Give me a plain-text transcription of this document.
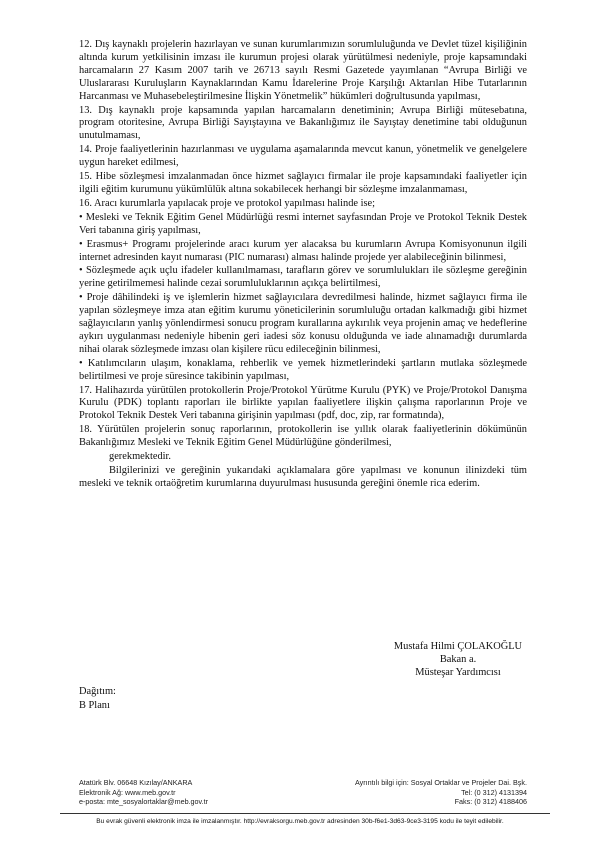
12. Dış kaynaklı projelerin hazırlayan ve sunan kurumlarımızın sorumluluğunda ve Devlet tüzel kişiliğinin altında kurum yetkilisinin imzası ile kurumun projesi olarak yürütülmesi nedeniyle, proje kapsamındaki harcamaların 27 Kasım 2007 tarih ve 26713 sayılı Resmi Gazetede yayımlanan “Avrupa Birliği ve Uluslararası Kuruluşların Kaynaklarından Kamu İdarelerine Proje Karşılığı Aktarılan Hibe Tutarlarının Harcanması ve Muhasebeleştirilmesine İlişkin Yönetmelik” hükümleri doğrultusunda yapılması,

13. Dış kaynaklı proje kapsamında yapılan harcamaların denetiminin; Avrupa Birliği mütesebatına, program otoritesine, Avrupa Birliği Sayıştayına ve Bakanlığımız ile Sayıştay denetimine tabi olduğunun unutulmaması,

14. Proje faaliyetlerinin hazırlanması ve uygulama aşamalarında mevcut kanun, yönetmelik ve genelgelere uygun hareket edilmesi,

15. Hibe sözleşmesi imzalanmadan önce hizmet sağlayıcı firmalar ile proje kapsamındaki faaliyetler için ilgili eğitim kurumunu yükümlülük altına sokabilecek herhangi bir sözleşme imzalanmaması,

16. Aracı kurumlarla yapılacak proje ve protokol yapılması halinde ise;

• Mesleki ve Teknik Eğitim Genel Müdürlüğü resmi internet sayfasından Proje ve Protokol Teknik Destek Veri tabanına giriş yapılması,

• Erasmus+ Programı projelerinde aracı kurum yer alacaksa bu kurumların Avrupa Komisyonunun ilgili internet adresinden kayıt numarası (PIC numarası) alması halinde projede yer alabileceğinin bilinmesi,

• Sözleşmede açık uçlu ifadeler kullanılmaması, tarafların görev ve sorumlulukları ile sözleşme gereğinin yerine getirilmemesi halinde cezai sorumluluklarının açıkça belirtilmesi,

• Proje dâhilindeki iş ve işlemlerin hizmet sağlayıcılara devredilmesi halinde, hizmet sağlayıcı firma ile yapılan sözleşmeye imza atan eğitim kurumu yöneticilerinin sorumluluğu ortadan kalkmadığı gibi hizmet sağlayıcıların yanlış yönlendirmesi sonucu program kurallarına aykırılık veya projenin amaç ve hedeflerine aykırı uygulanması nedeniyle hibenin geri iadesi söz konusu olduğunda ve iade alınamadığı durumlarda nihai olarak sözleşmede imzası olan kişilere rücu edileceğinin bilinmesi,

• Katılımcıların ulaşım, konaklama, rehberlik ve yemek hizmetlerindeki şartların mutlaka sözleşmede belirtilmesi ve proje süresince takibinin yapılması,

17. Halihazırda yürütülen protokollerin Proje/Protokol Yürütme Kurulu (PYK) ve Proje/Protokol Danışma Kurulu (PDK) toplantı raporları ile birlikte yapılan faaliyetlere ilişkin çalışma raporlarının Proje ve Protokol Teknik Destek Veri tabanına girişinin yapılması (pdf, doc, zip, rar formatında),

18. Yürütülen projelerin sonuç raporlarının, protokollerin ise yıllık olarak faaliyetlerinin dökümünün Bakanlığımız Mesleki ve Teknik Eğitim Genel Müdürlüğüne gönderilmesi,

gerekmektedir.

Bilgilerinizi ve gereğinin yukarıdaki açıklamalara göre yapılması ve konunun ilinizdeki tüm mesleki ve teknik ortaöğretim kurumlarına duyurulması hususunda gereğini önemle rica ederim.

Mustafa Hilmi ÇOLAKOĞLU
Bakan a.
Müsteşar Yardımcısı
Dağıtım:
B Planı
Atatürk Blv. 06648 Kızılay/ANKARA
Elektronik Ağ: www.meb.gov.tr
e-posta: mte_sosyalortaklar@meb.gov.tr
Ayrıntılı bilgi için: Sosyal Ortaklar ve Projeler Dai. Bşk.
Tel: (0 312) 4131394
Faks: (0 312) 4188406
Bu evrak güvenli elektronik imza ile imzalanmıştır. http://evraksorgu.meb.gov.tr adresinden 30b-f6e1-3d63-9ce3-3195 kodu ile teyit edilebilir.
